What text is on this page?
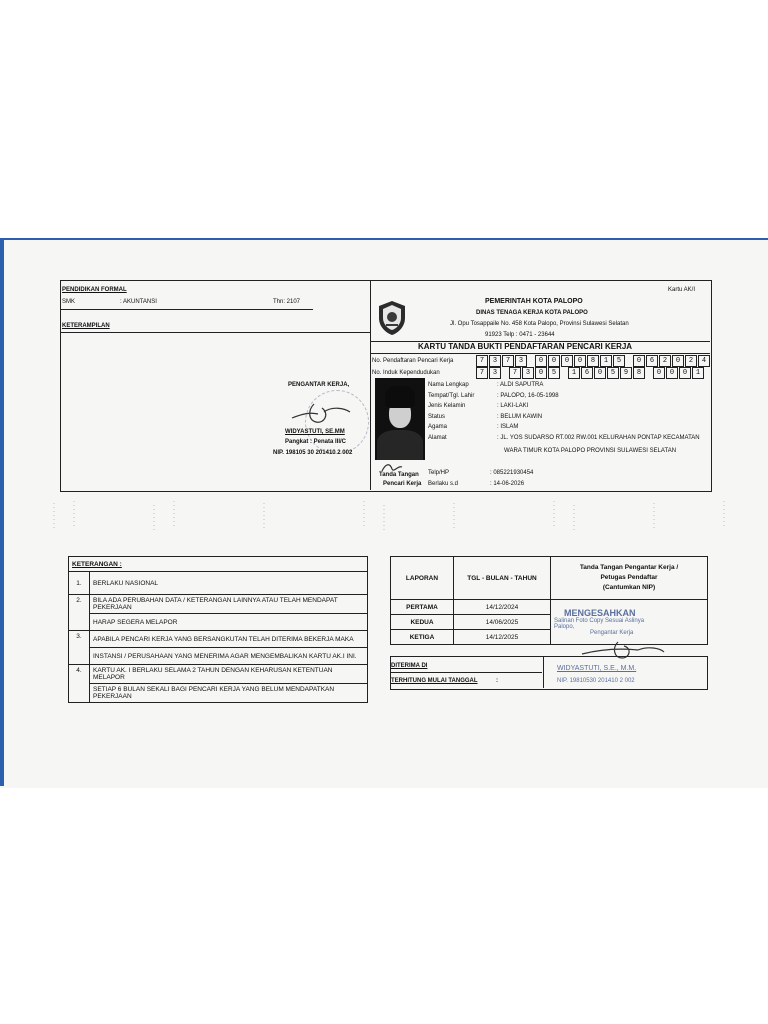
PENDIDIKAN FORMAL
SMK	: AKUNTANSI	Thn: 2107
KETERAMPILAN
PENGANTAR KERJA,
WIDYASTUTI, SE.MM
Pangkat : Penata III/C
NIP. 198105 30 201410 2 002
Kartu AK/I
PEMERINTAH KOTA PALOPO
DINAS TENAGA KERJA KOTA PALOPO
Jl. Opu Tosappaile No. 458 Kota Palopo, Provinsi Sulawesi Selatan
91923 Telp : 0471 - 23644
KARTU TANDA BUKTI PENDAFTARAN PENCARI KERJA
No. Pendaftaran Pencari Kerja	7	3	7	3	0	0	0	0	8	1	5	0	6	2	0	2	4
No. Induk Kependudukan	7	3	7	3	0	5	1	6	0	5	9	8	0	0	0	1
Nama Lengkap	: ALDI SAPUTRA
Tempat/Tgl. Lahir	: PALOPO, 16-05-1998
Jenis Kelamin	: LAKI-LAKI
Status	: BELUM KAWIN
Agama	: ISLAM
Alamat	: JL. YOS SUDARSO RT.002 RW.001 KELURAHAN PONTAP KECAMATAN
WARA TIMUR KOTA PALOPO PROVINSI SULAWESI SELATAN
Tanda Tangan
Pencari Kerja
Telp/HP	: 085221930454
Berlaku s.d	: 14-06-2026
KETERANGAN :	
1.	BERLAKU NASIONAL
2.	BILA ADA PERUBAHAN DATA / KETERANGAN LAINNYA ATAU TELAH MENDAPAT PEKERJAAN
	HARAP SEGERA MELAPOR
3.	APABILA PENCARI KERJA YANG BERSANGKUTAN TELAH DITERIMA BEKERJA MAKA
	INSTANSI / PERUSAHAAN YANG MENERIMA AGAR MENGEMBALIKAN KARTU AK.I INI.
4.	KARTU AK. I BERLAKU SELAMA 2 TAHUN DENGAN KEHARUSAN KETENTUAN MELAPOR
	SETIAP 6 BULAN SEKALI BAGI PENCARI KERJA YANG BELUM MENDAPATKAN PEKERJAAN
LAPORAN	TGL - BULAN - TAHUN	Tanda Tangan Pengantar Kerja /
Petugas Pendaftar
(Cantumkan NIP)

PERTAMA	14/12/2024	MENGESAHKAN
Salinan Foto Copy Sesuai Aslinya
Palopo,
Pengantar Kerja

KEDUA	14/06/2025	
KETIGA	14/12/2025	
DITERIMA DI
TERHITUNG MULAI TANGGAL	:
WIDYASTUTI, S.E., M.M.
NIP. 19810530 201410 2 002
